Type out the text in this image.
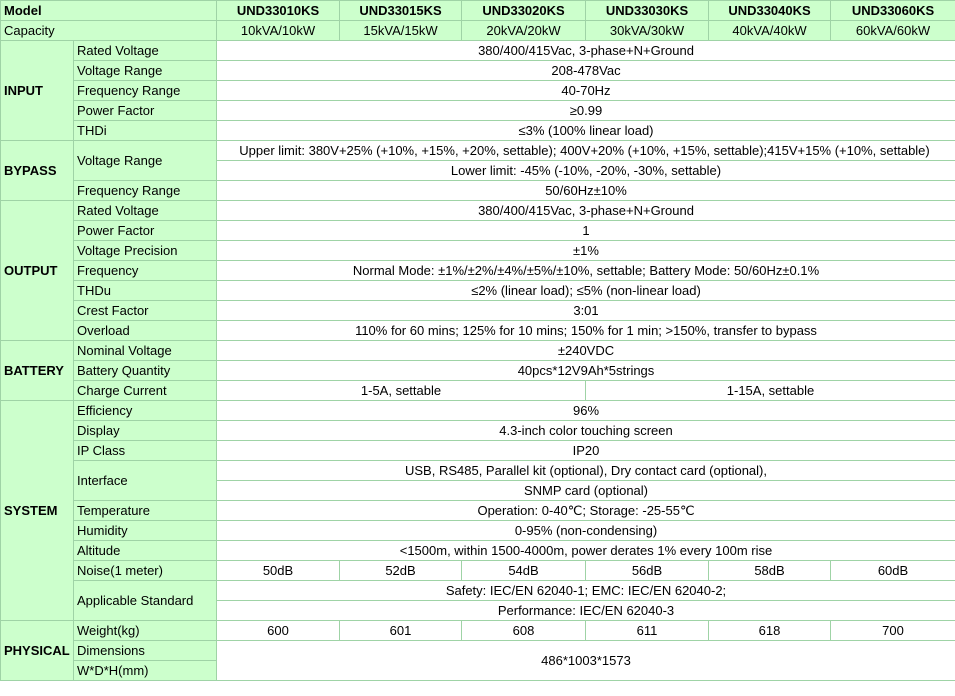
Model		UND33010KS	UND33015KS	UND33020KS	UND33030KS	UND33040KS	UND33060KS
Capacity		10kVA/10kW	15kVA/15kW	20kVA/20kW	30kVA/30kW	40kVA/40kW	60kVA/60kW
INPUT	Rated Voltage	380/400/415Vac, 3-phase+N+Ground					
	Voltage Range	208-478Vac					
	Frequency Range	40-70Hz					
	Power Factor	≥0.99					
	THDi	≤3% (100% linear load)					
BYPASS	Voltage Range	Upper limit: 380V+25% (+10%, +15%, +20%, settable); 400V+20% (+10%, +15%, settable);415V+15% (+10%, settable)					
		Lower limit: -45% (-10%, -20%, -30%, settable)					
	Frequency Range	50/60Hz±10%					
OUTPUT	Rated Voltage	380/400/415Vac, 3-phase+N+Ground					
	Power Factor	1					
	Voltage Precision	±1%					
	Frequency	Normal Mode: ±1%/±2%/±4%/±5%/±10%, settable; Battery Mode: 50/60Hz±0.1%					
	THDu	≤2% (linear load); ≤5% (non-linear load)					
	Crest Factor	3:01					
	Overload	110% for 60 mins; 125% for 10 mins; 150% for 1 min; >150%, transfer to bypass					
BATTERY	Nominal Voltage	±240VDC					
	Battery Quantity	40pcs*12V9Ah*5strings					
	Charge Current	1-5A, settable			1-15A, settable		
SYSTEM	Efficiency	96%					
	Display	4.3-inch color touching screen					
	IP Class	IP20					
	Interface	USB, RS485, Parallel kit (optional), Dry contact card (optional),					
		SNMP card (optional)					
	Temperature	Operation: 0-40℃; Storage: -25-55℃					
	Humidity	0-95% (non-condensing)					
	Altitude	<1500m, within 1500-4000m, power derates 1% every 100m rise					
	Noise(1 meter)	50dB	52dB	54dB	56dB	58dB	60dB
	Applicable Standard	Safety: IEC/EN 62040-1; EMC: IEC/EN 62040-2;					
		Performance: IEC/EN 62040-3					
PHYSICAL	Weight(kg)	600	601	608	611	618	700
	Dimensions	486*1003*1573					
	W*D*H(mm)						
